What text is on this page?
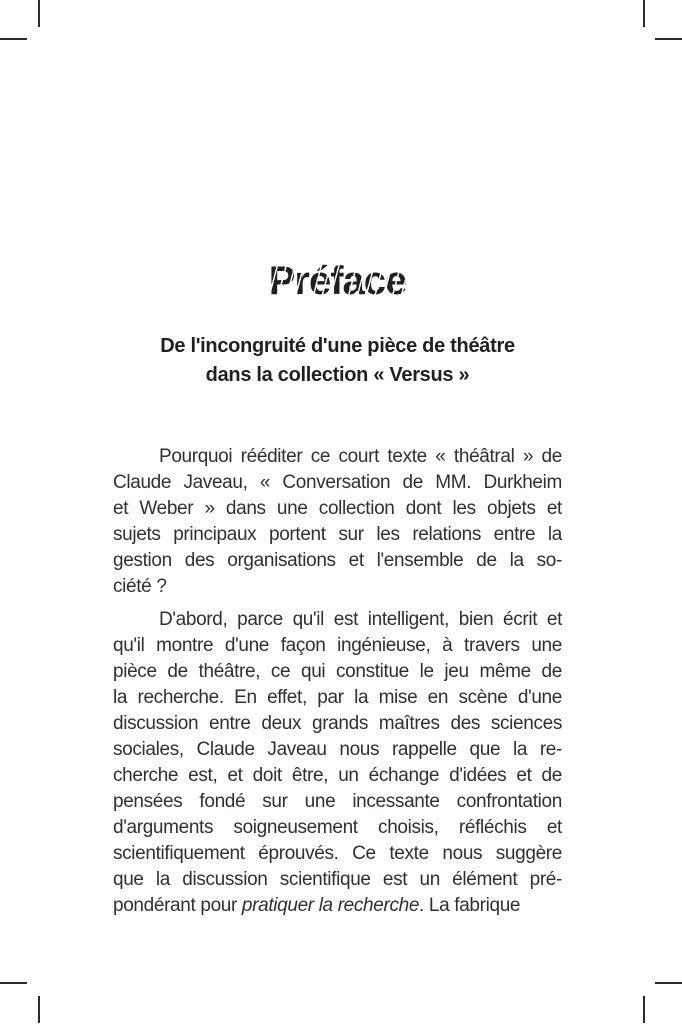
Préface
De l'incongruité d'une pièce de théâtre
dans la collection « Versus »
Pourquoi rééditer ce court texte « théâtral » de
Claude Javeau, « Conversation de MM. Durkheim
et Weber » dans une collection dont les objets et
sujets principaux portent sur les relations entre la
gestion des organisations et l'ensemble de la so-
ciété ?
D'abord, parce qu'il est intelligent, bien écrit et
qu'il montre d'une façon ingénieuse, à travers une
pièce de théâtre, ce qui constitue le jeu même de
la recherche. En effet, par la mise en scène d'une
discussion entre deux grands maîtres des sciences
sociales, Claude Javeau nous rappelle que la re-
cherche est, et doit être, un échange d'idées et de
pensées fondé sur une incessante confrontation
d'arguments soigneusement choisis, réfléchis et
scientifiquement éprouvés. Ce texte nous suggère
que la discussion scientifique est un élément pré-
pondérant pour pratiquer la recherche. La fabrique
